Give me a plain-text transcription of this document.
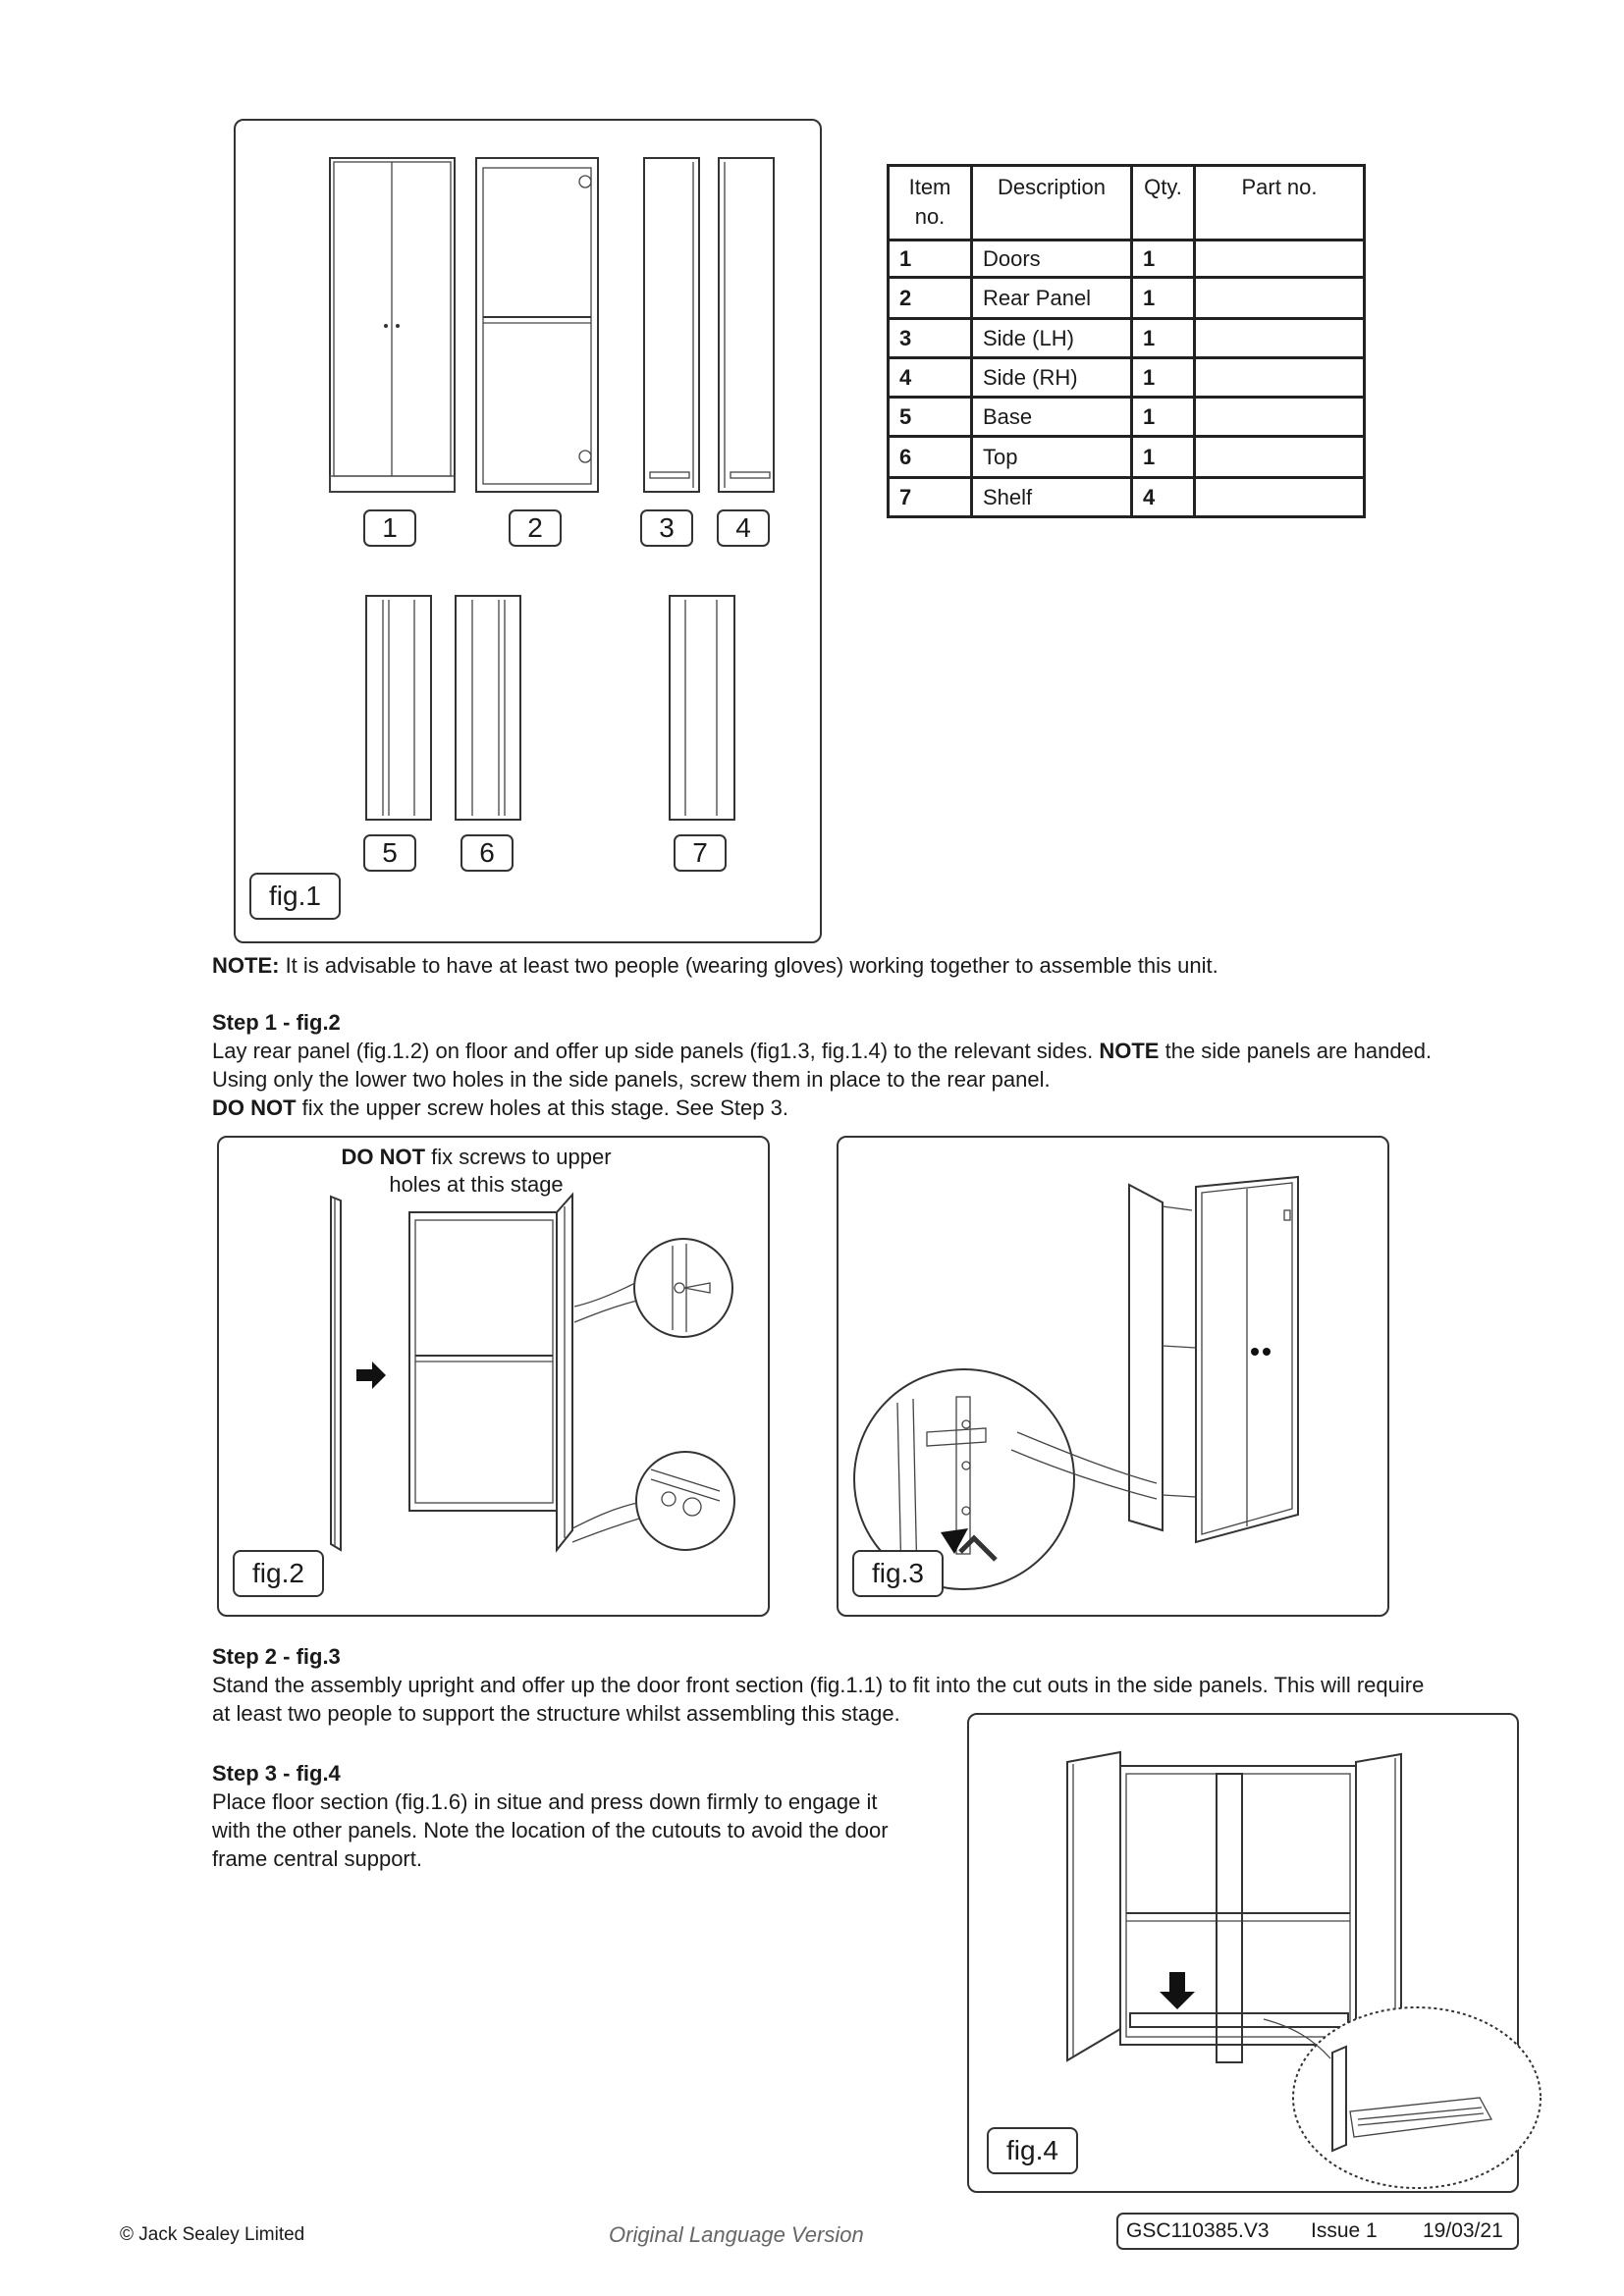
1	2	3	4
5	6	7
fig.1
Item no.	Description	Qty.	Part no.
1	Doors	1	
2	Rear Panel	1	
3	Side (LH)	1	
4	Side (RH)	1	
5	Base	1	
6	Top	1	
7	Shelf	4	
NOTE: It is advisable to have at least two people (wearing gloves) working together to assemble this unit.
Step 1 - fig.2
Lay rear panel (fig.1.2) on floor and offer up side panels (fig1.3, fig.1.4) to the relevant sides. NOTE the side panels are handed.
Using only the lower two holes in the side panels, screw them in place to the rear panel.
DO NOT fix the upper screw holes at this stage. See Step 3.
DO NOT fix screws to upper
holes at this stage
fig.2	fig.3
Step 2 - fig.3
Stand the assembly upright and offer up the door front section (fig.1.1) to fit into the cut outs in the side panels. This will require
at least two people to support the structure whilst assembling this stage.
Step 3 - fig.4
Place floor section (fig.1.6) in situe and press down firmly to engage it
with the other panels. Note the location of the cutouts to avoid the door
frame central support.
fig.4
© Jack Sealey Limited	Original Language Version	GSC110385.V3 Issue 1 19/03/21
